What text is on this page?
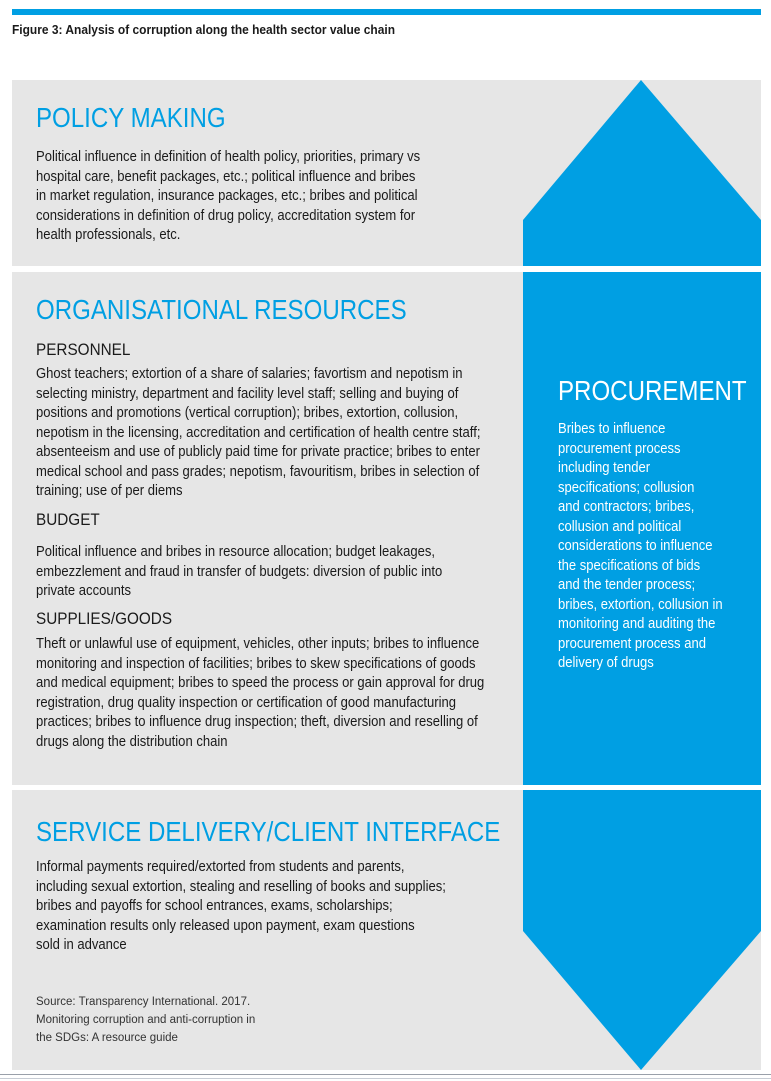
Figure 3: Analysis of corruption along the health sector value chain
POLICY MAKING

Political influence in definition of health policy, priorities, primary vs
hospital care, benefit packages, etc.; political influence and bribes
in market regulation, insurance packages, etc.; bribes and political
considerations in definition of drug policy, accreditation system for
health professionals, etc.

ORGANISATIONAL RESOURCES
PERSONNEL

Ghost teachers; extortion of a share of salaries; favortism and nepotism in
selecting ministry, department and facility level staff; selling and buying of
positions and promotions (vertical corruption); bribes, extortion, collusion,
nepotism in the licensing, accreditation and certification of health centre staff;
absenteeism and use of publicly paid time for private practice; bribes to enter
medical school and pass grades; nepotism, favouritism, bribes in selection of
training; use of per diems

BUDGET

Political influence and bribes in resource allocation; budget leakages,
embezzlement and fraud in transfer of budgets: diversion of public into
private accounts

SUPPLIES/GOODS

Theft or unlawful use of equipment, vehicles, other inputs; bribes to influence
monitoring and inspection of facilities; bribes to skew specifications of goods
and medical equipment; bribes to speed the process or gain approval for drug
registration, drug quality inspection or certification of good manufacturing
practices; bribes to influence drug inspection; theft, diversion and reselling of
drugs along the distribution chain

SERVICE DELIVERY/CLIENT INTERFACE

Informal payments required/extorted from students and parents,
including sexual extortion, stealing and reselling of books and supplies;
bribes and payoffs for school entrances, exams, scholarships;
examination results only released upon payment, exam questions
sold in advance

Source: Transparency International. 2017.
Monitoring corruption and anti-corruption in
the SDGs: A resource guide

PROCUREMENT

Bribes to influence
procurement process
including tender
specifications; collusion
and contractors; bribes,
collusion and political
considerations to influence
the specifications of bids
and the tender process;
bribes, extortion, collusion in
monitoring and auditing the
procurement process and
delivery of drugs
